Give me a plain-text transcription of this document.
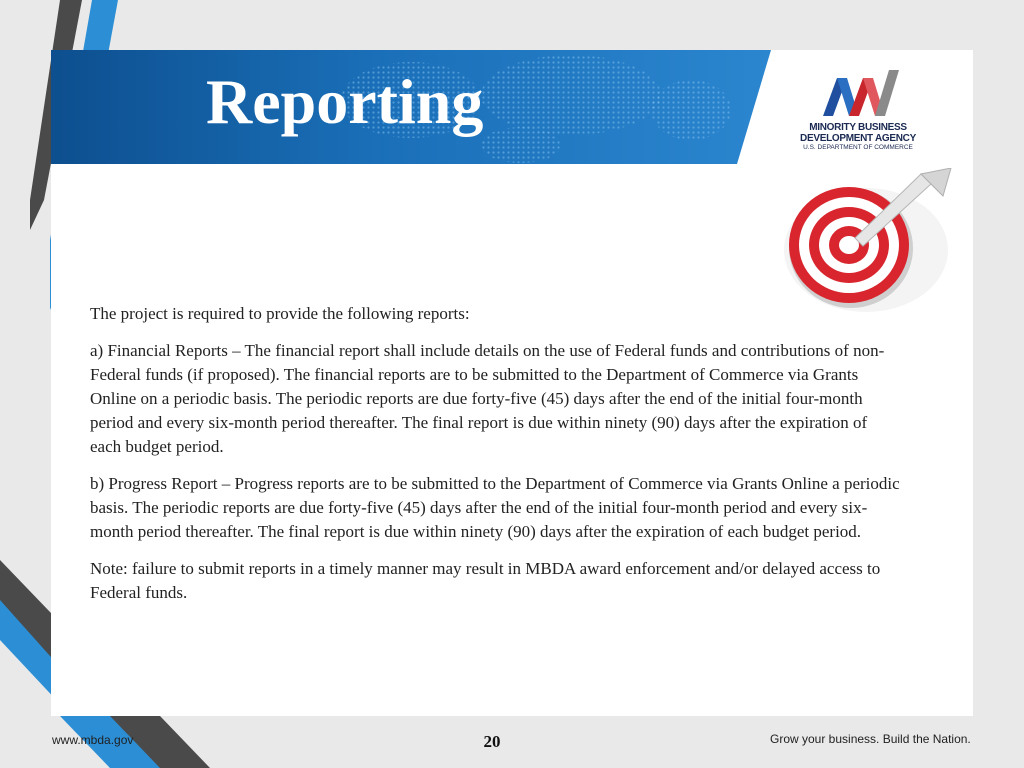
Reporting	MINORITY BUSINESS
DEVELOPMENT AGENCY
U.S. DEPARTMENT OF COMMERCE

The project is required to provide the following reports:

a) Financial Reports – The financial report shall include details on the use of Federal funds and contributions of non-Federal funds (if proposed). The financial reports are to be submitted to the Department of Commerce via Grants Online on a periodic basis. The periodic reports are due forty-five (45) days after the end of the initial four-month period and every six-month period thereafter. The final report is due within ninety (90) days after the expiration of each budget period.

b) Progress Report – Progress reports are to be submitted to the Department of Commerce via Grants Online a periodic basis. The periodic reports are due forty-five (45) days after the end of the initial four-month period and every six-month period thereafter. The final report is due within ninety (90) days after the expiration of each budget period.

Note: failure to submit reports in a timely manner may result in MBDA award enforcement and/or delayed access to Federal funds.

www.mbda.gov	20	Grow your business. Build the Nation.
